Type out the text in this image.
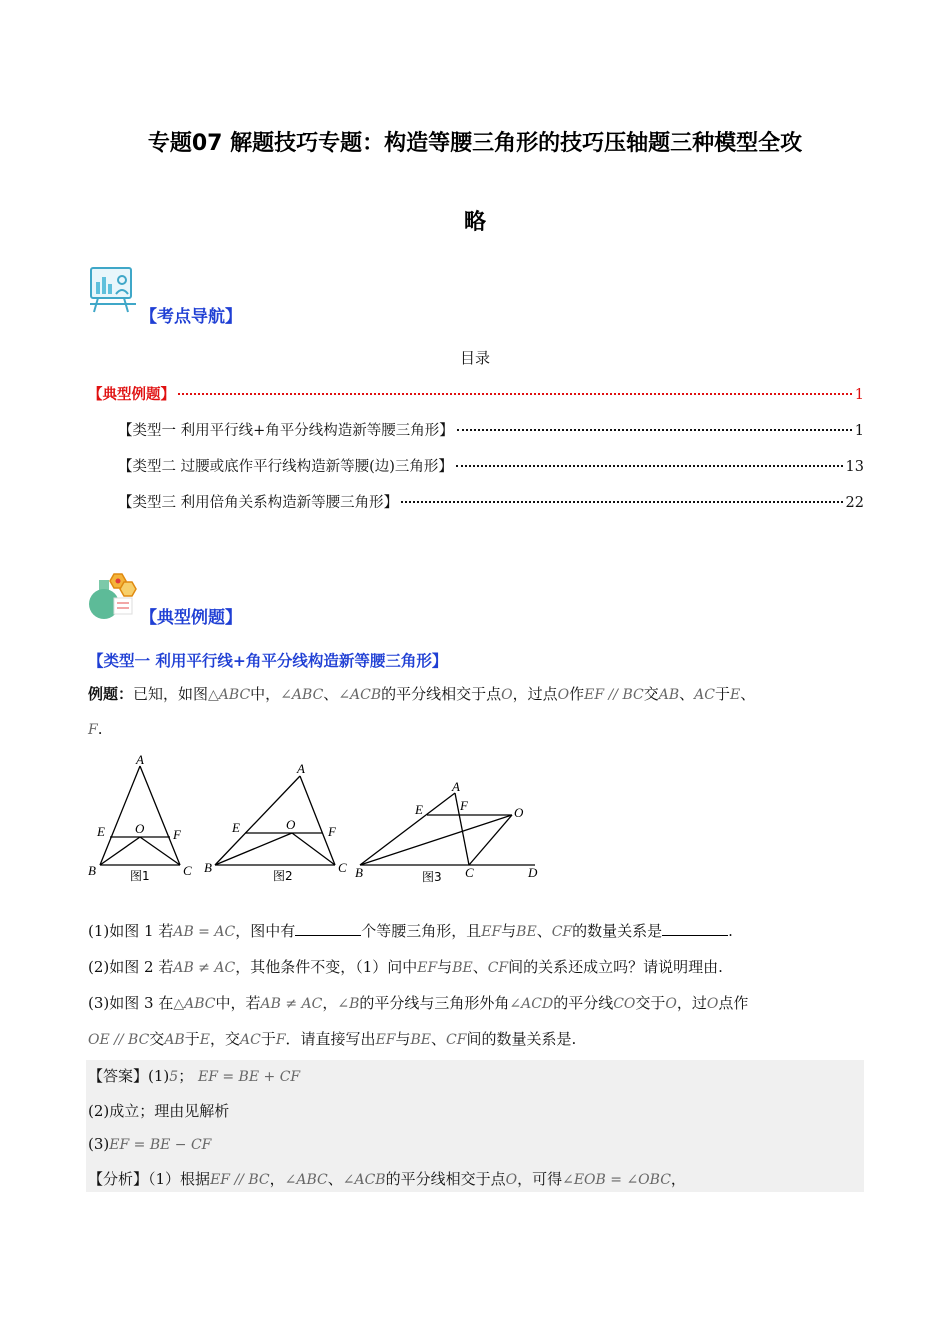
专题07 解题技巧专题：构造等腰三角形的技巧压轴题三种模型全攻
略
【考点导航】
目录
【典型例题】	1
【类型一 利用平行线+角平分线构造新等腰三角形】	1
【类型二 过腰或底作平行线构造新等腰(边)三角形】	13
【类型三 利用倍角关系构造新等腰三角形】	22
【典型例题】
【类型一 利用平行线+角平分线构造新等腰三角形】
例题：已知，如图△ABC中，∠ABC、∠ACB的平分线相交于点O，过点O作EF // BC交AB、AC于E、
F.
A
B	C
E	F
O
图1
A
B	C
E	F
O
图2
A
B	C	D
E	F	O
图3
(1)如图 1 若AB = AC，图中有	个等腰三角形，且EF与BE、CF的数量关系是	.
(2)如图 2 若AB ≠ AC，其他条件不变，（1）问中EF与BE、CF间的关系还成立吗？请说明理由.
(3)如图 3 在△ABC中，若AB ≠ AC，∠B的平分线与三角形外角∠ACD的平分线CO交于O，过O点作
OE // BC交AB于E，交AC于F．请直接写出EF与BE、CF间的数量关系是.
【答案】(1)5； EF = BE + CF
(2)成立；理由见解析
(3)EF = BE − CF
【分析】（1）根据EF // BC，∠ABC、∠ACB的平分线相交于点O，可得∠EOB = ∠OBC，
